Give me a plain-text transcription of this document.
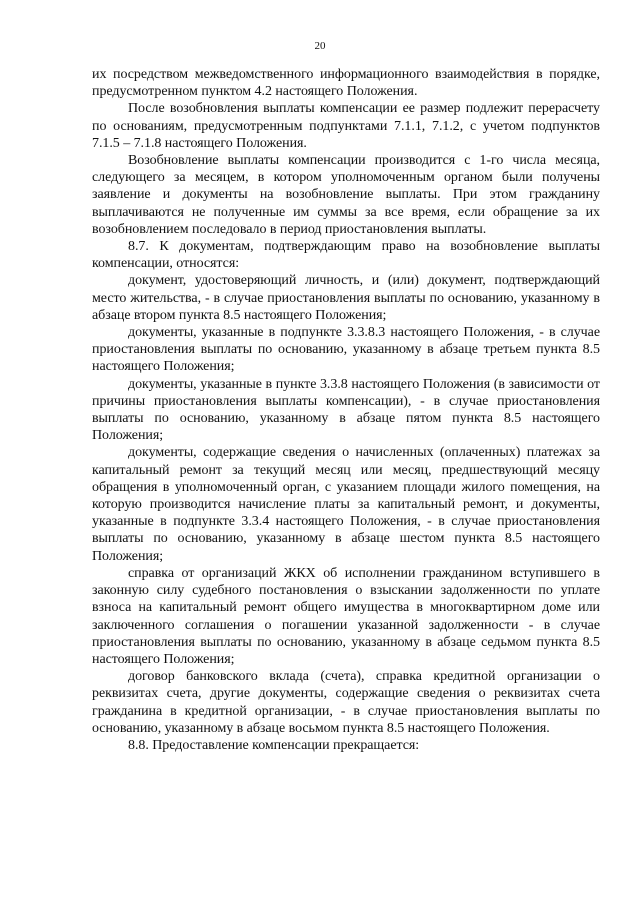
20

их посредством межведомственного информационного взаимодействия в порядке, предусмотренном пунктом 4.2 настоящего Положения.

После возобновления выплаты компенсации ее размер подлежит перерасчету по основаниям, предусмотренным подпунктами 7.1.1, 7.1.2, с учетом подпунктов 7.1.5 – 7.1.8 настоящего Положения.

Возобновление выплаты компенсации производится с 1-го числа месяца, следующего за месяцем, в котором уполномоченным органом были получены заявление и документы на возобновление выплаты. При этом гражданину выплачиваются не полученные им суммы за все время, если обращение за их возобновлением последовало в период приостановления выплаты.

8.7. К документам, подтверждающим право на возобновление выплаты компенсации, относятся:

документ, удостоверяющий личность, и (или) документ, подтверждающий место жительства, - в случае приостановления выплаты по основанию, указанному в абзаце втором пункта 8.5 настоящего Положения;

документы, указанные в подпункте 3.3.8.3 настоящего Положения, - в случае приостановления выплаты по основанию, указанному в абзаце третьем пункта 8.5 настоящего Положения;

документы, указанные в пункте 3.3.8 настоящего Положения (в зависимости от причины приостановления выплаты компенсации), - в случае приостановления выплаты по основанию, указанному в абзаце пятом пункта 8.5 настоящего Положения;

документы, содержащие сведения о начисленных (оплаченных) платежах за капитальный ремонт за текущий месяц или месяц, предшествующий месяцу обращения в уполномоченный орган, с указанием площади жилого помещения, на которую производится начисление платы за капитальный ремонт, и документы, указанные в подпункте 3.3.4 настоящего Положения, - в случае приостановления выплаты по основанию, указанному в абзаце шестом пункта 8.5 настоящего Положения;

справка от организаций ЖКХ об исполнении гражданином вступившего в законную силу судебного постановления о взыскании задолженности по уплате взноса на капитальный ремонт общего имущества в многоквартирном доме или заключенного соглашения о погашении указанной задолженности - в случае приостановления выплаты по основанию, указанному в абзаце седьмом пункта 8.5 настоящего Положения;

договор банковского вклада (счета), справка кредитной организации о реквизитах счета, другие документы, содержащие сведения о реквизитах счета гражданина в кредитной организации, - в случае приостановления выплаты по основанию, указанному в абзаце восьмом пункта 8.5 настоящего Положения.

8.8. Предоставление компенсации прекращается:
